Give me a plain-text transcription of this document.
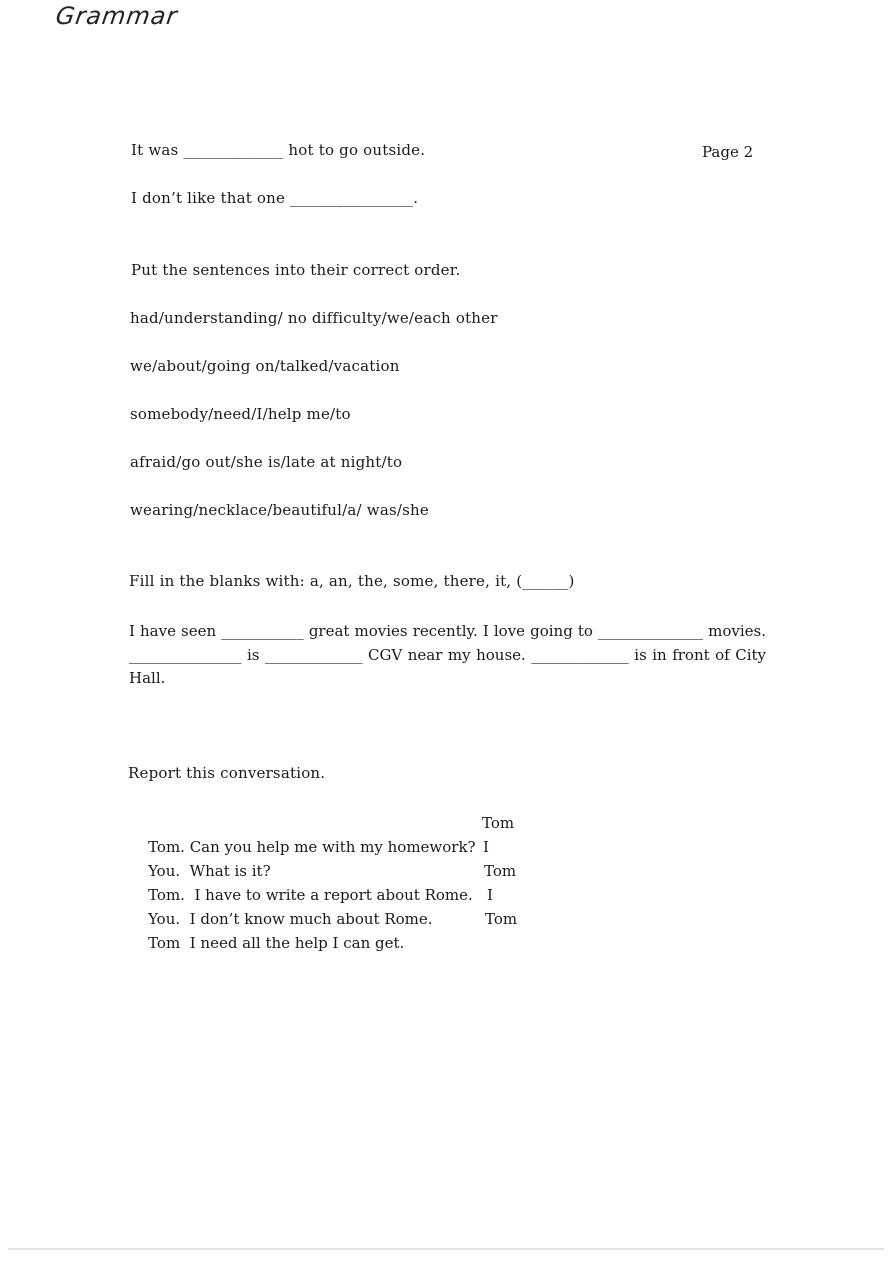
Grammar
It was _____________ hot to go outside.	Page 2
I don’t like that one ________________.
Put the sentences into their correct order.
had/understanding/ no difficulty/we/each other
we/about/going on/talked/vacation
somebody/need/I/help me/to
afraid/go out/she is/late at night/to
wearing/necklace/beautiful/a/ was/she
Fill in the blanks with: a, an, the, some, there, it, (______)
I have seen ___________ great movies recently. I love going to ______________ movies. _______________ is _____________ CGV near my house. _____________ is in front of City Hall.
Report this conversation.

Tom. Can you help me with my homework?

Tom

You.  What is it?

I

Tom.  I have to write a report about Rome.

Tom

You.  I don’t know much about Rome.

I

Tom  I need all the help I can get.

Tom
